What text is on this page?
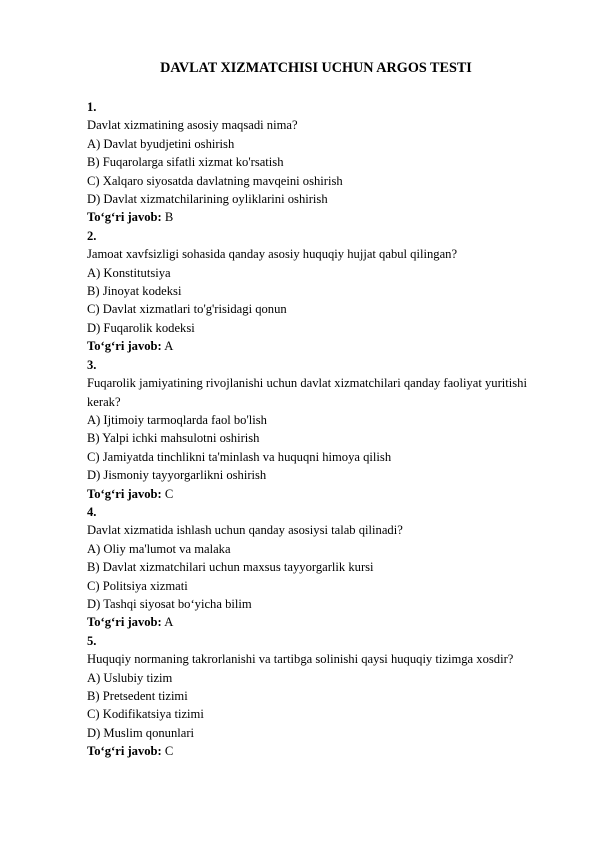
DAVLAT XIZMATCHISI UCHUN ARGOS TESTI

1.

Davlat xizmatining asosiy maqsadi nima?

A) Davlat byudjetini oshirish

B) Fuqarolarga sifatli xizmat ko'rsatish

C) Xalqaro siyosatda davlatning mavqeini oshirish

D) Davlat xizmatchilarining oyliklarini oshirish

To‘g‘ri javob: B

2.

Jamoat xavfsizligi sohasida qanday asosiy huquqiy hujjat qabul qilingan?

A) Konstitutsiya

B) Jinoyat kodeksi

C) Davlat xizmatlari to'g'risidagi qonun

D) Fuqarolik kodeksi

To‘g‘ri javob: A

3.

Fuqarolik jamiyatining rivojlanishi uchun davlat xizmatchilari qanday faoliyat yuritishi kerak?

A) Ijtimoiy tarmoqlarda faol bo'lish

B) Yalpi ichki mahsulotni oshirish

C) Jamiyatda tinchlikni ta'minlash va huquqni himoya qilish

D) Jismoniy tayyorgarlikni oshirish

To‘g‘ri javob: C

4.

Davlat xizmatida ishlash uchun qanday asosiysi talab qilinadi?

A) Oliy ma'lumot va malaka

B) Davlat xizmatchilari uchun maxsus tayyorgarlik kursi

C) Politsiya xizmati

D) Tashqi siyosat bo‘yicha bilim

To‘g‘ri javob: A

5.

Huquqiy normaning takrorlanishi va tartibga solinishi qaysi huquqiy tizimga xosdir?

A) Uslubiy tizim

B) Pretsedent tizimi

C) Kodifikatsiya tizimi

D) Muslim qonunlari

To‘g‘ri javob: C
